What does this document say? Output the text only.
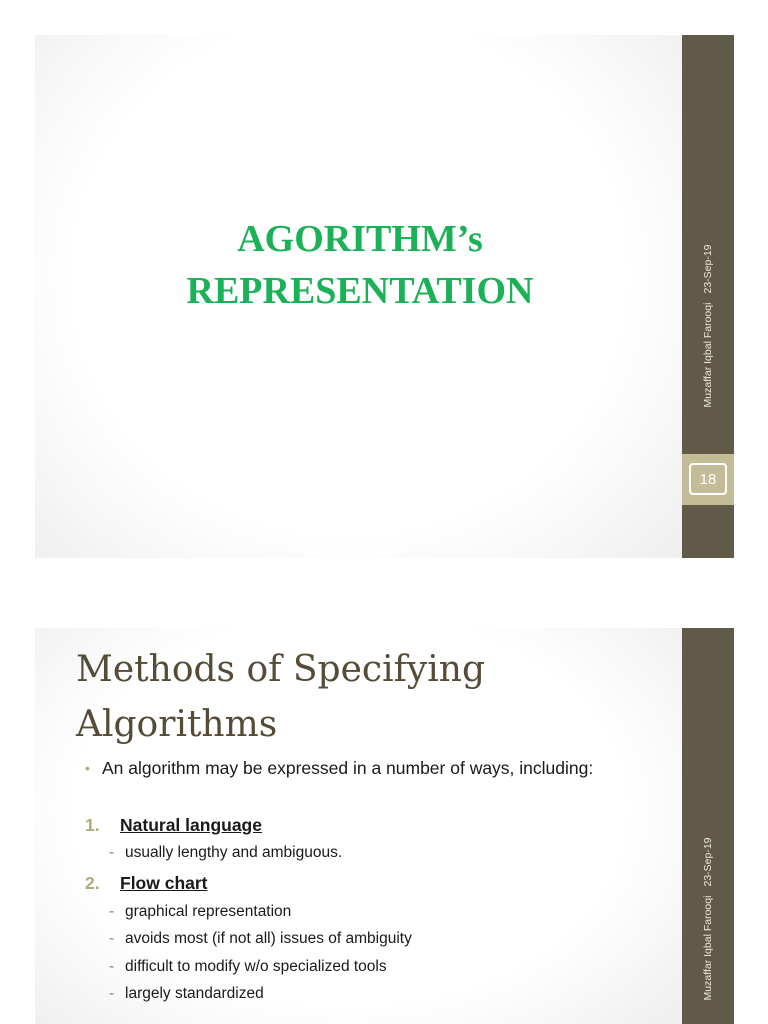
AGORITHM’s
REPRESENTATION	23-Sep-19
Muzaffar Iqbal Farooqi
18
Methods of Specifying
Algorithms
• An algorithm may be expressed in a number of ways, including:
1. Natural language
- usually lengthy and ambiguous.
2. Flow chart
- graphical representation
- avoids most (if not all) issues of ambiguity
- difficult to modify w/o specialized tools
- largely standardized
23-Sep-19
Muzaffar Iqbal Farooqi
